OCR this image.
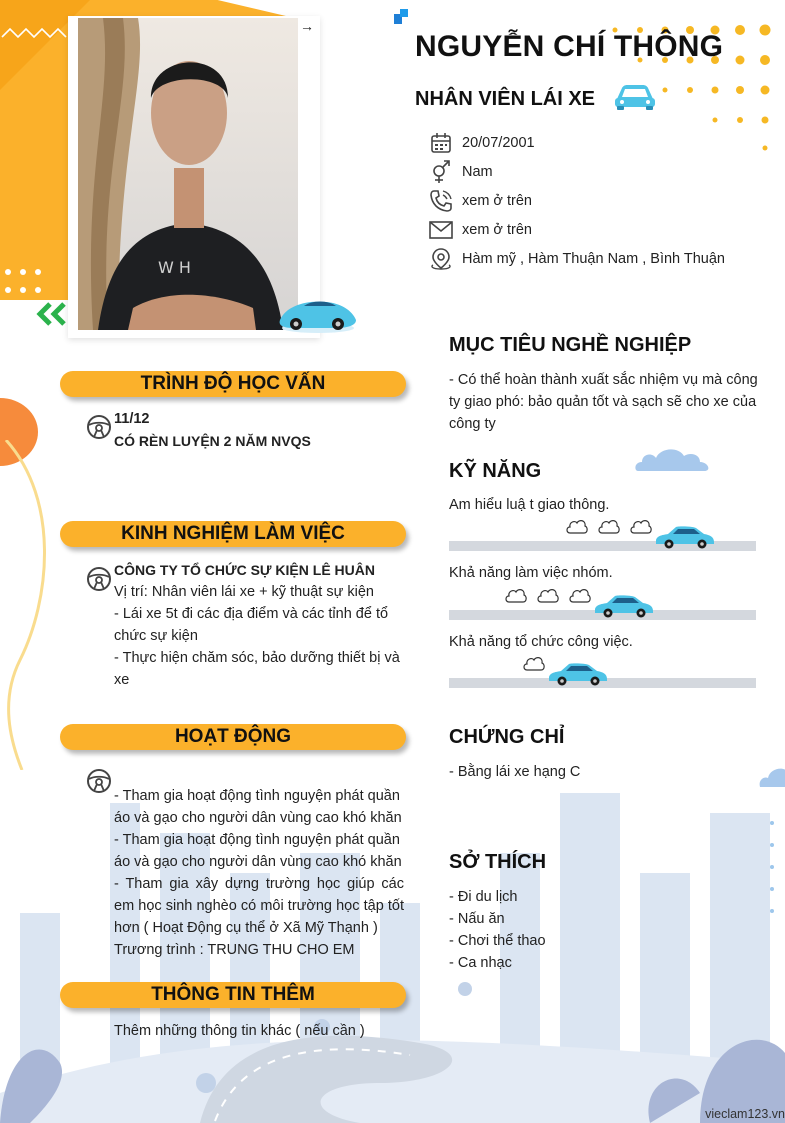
W H
→
NGUYỄN CHÍ THÔNG
NHÂN VIÊN LÁI XE
20/07/2001
Nam
xem ở trên
xem ở trên
Hàm mỹ , Hàm Thuận Nam , Bình Thuận
TRÌNH ĐỘ HỌC VẤN
11/12
CÓ RÈN LUYỆN 2 NĂM NVQS
KINH NGHIỆM LÀM VIỆC
CÔNG TY TỔ CHỨC SỰ KIỆN LÊ HUÂN
Vị trí: Nhân viên lái xe + kỹ thuật sự kiện
- Lái xe 5t đi các địa điểm và các tỉnh để tổ chức sự kiện
- Thực hiện chăm sóc, bảo dưỡng thiết bị và xe
HOẠT ĐỘNG
- Tham gia hoạt động tình nguyện phát quần áo và gạo cho người dân vùng cao khó khăn
- Tham gia hoạt động tình nguyện phát quần áo và gạo cho người dân vùng cao khó khăn
- Tham gia xây dựng trường học giúp các em học sinh nghèo có môi trường học tập tốt hơn ( Hoạt Động cụ thể ở Xã Mỹ Thạnh )
Trương trình : TRUNG THU CHO EM
THÔNG TIN THÊM
Thêm những thông tin khác ( nếu cần )
MỤC TIÊU NGHỀ NGHIỆP
- Có thể hoàn thành xuất sắc nhiệm vụ mà công ty giao phó: bảo quản tốt và sạch sẽ cho xe của công ty
KỸ NĂNG
Am hiểu luậ t giao thông.
Khả năng làm việc nhóm.
Khả năng tổ chức công việc.
CHỨNG CHỈ
- Bằng lái xe hạng C
SỞ THÍCH
- Đi du lịch
- Nấu ăn
- Chơi thể thao
- Ca nhạc
vieclam123.vn
